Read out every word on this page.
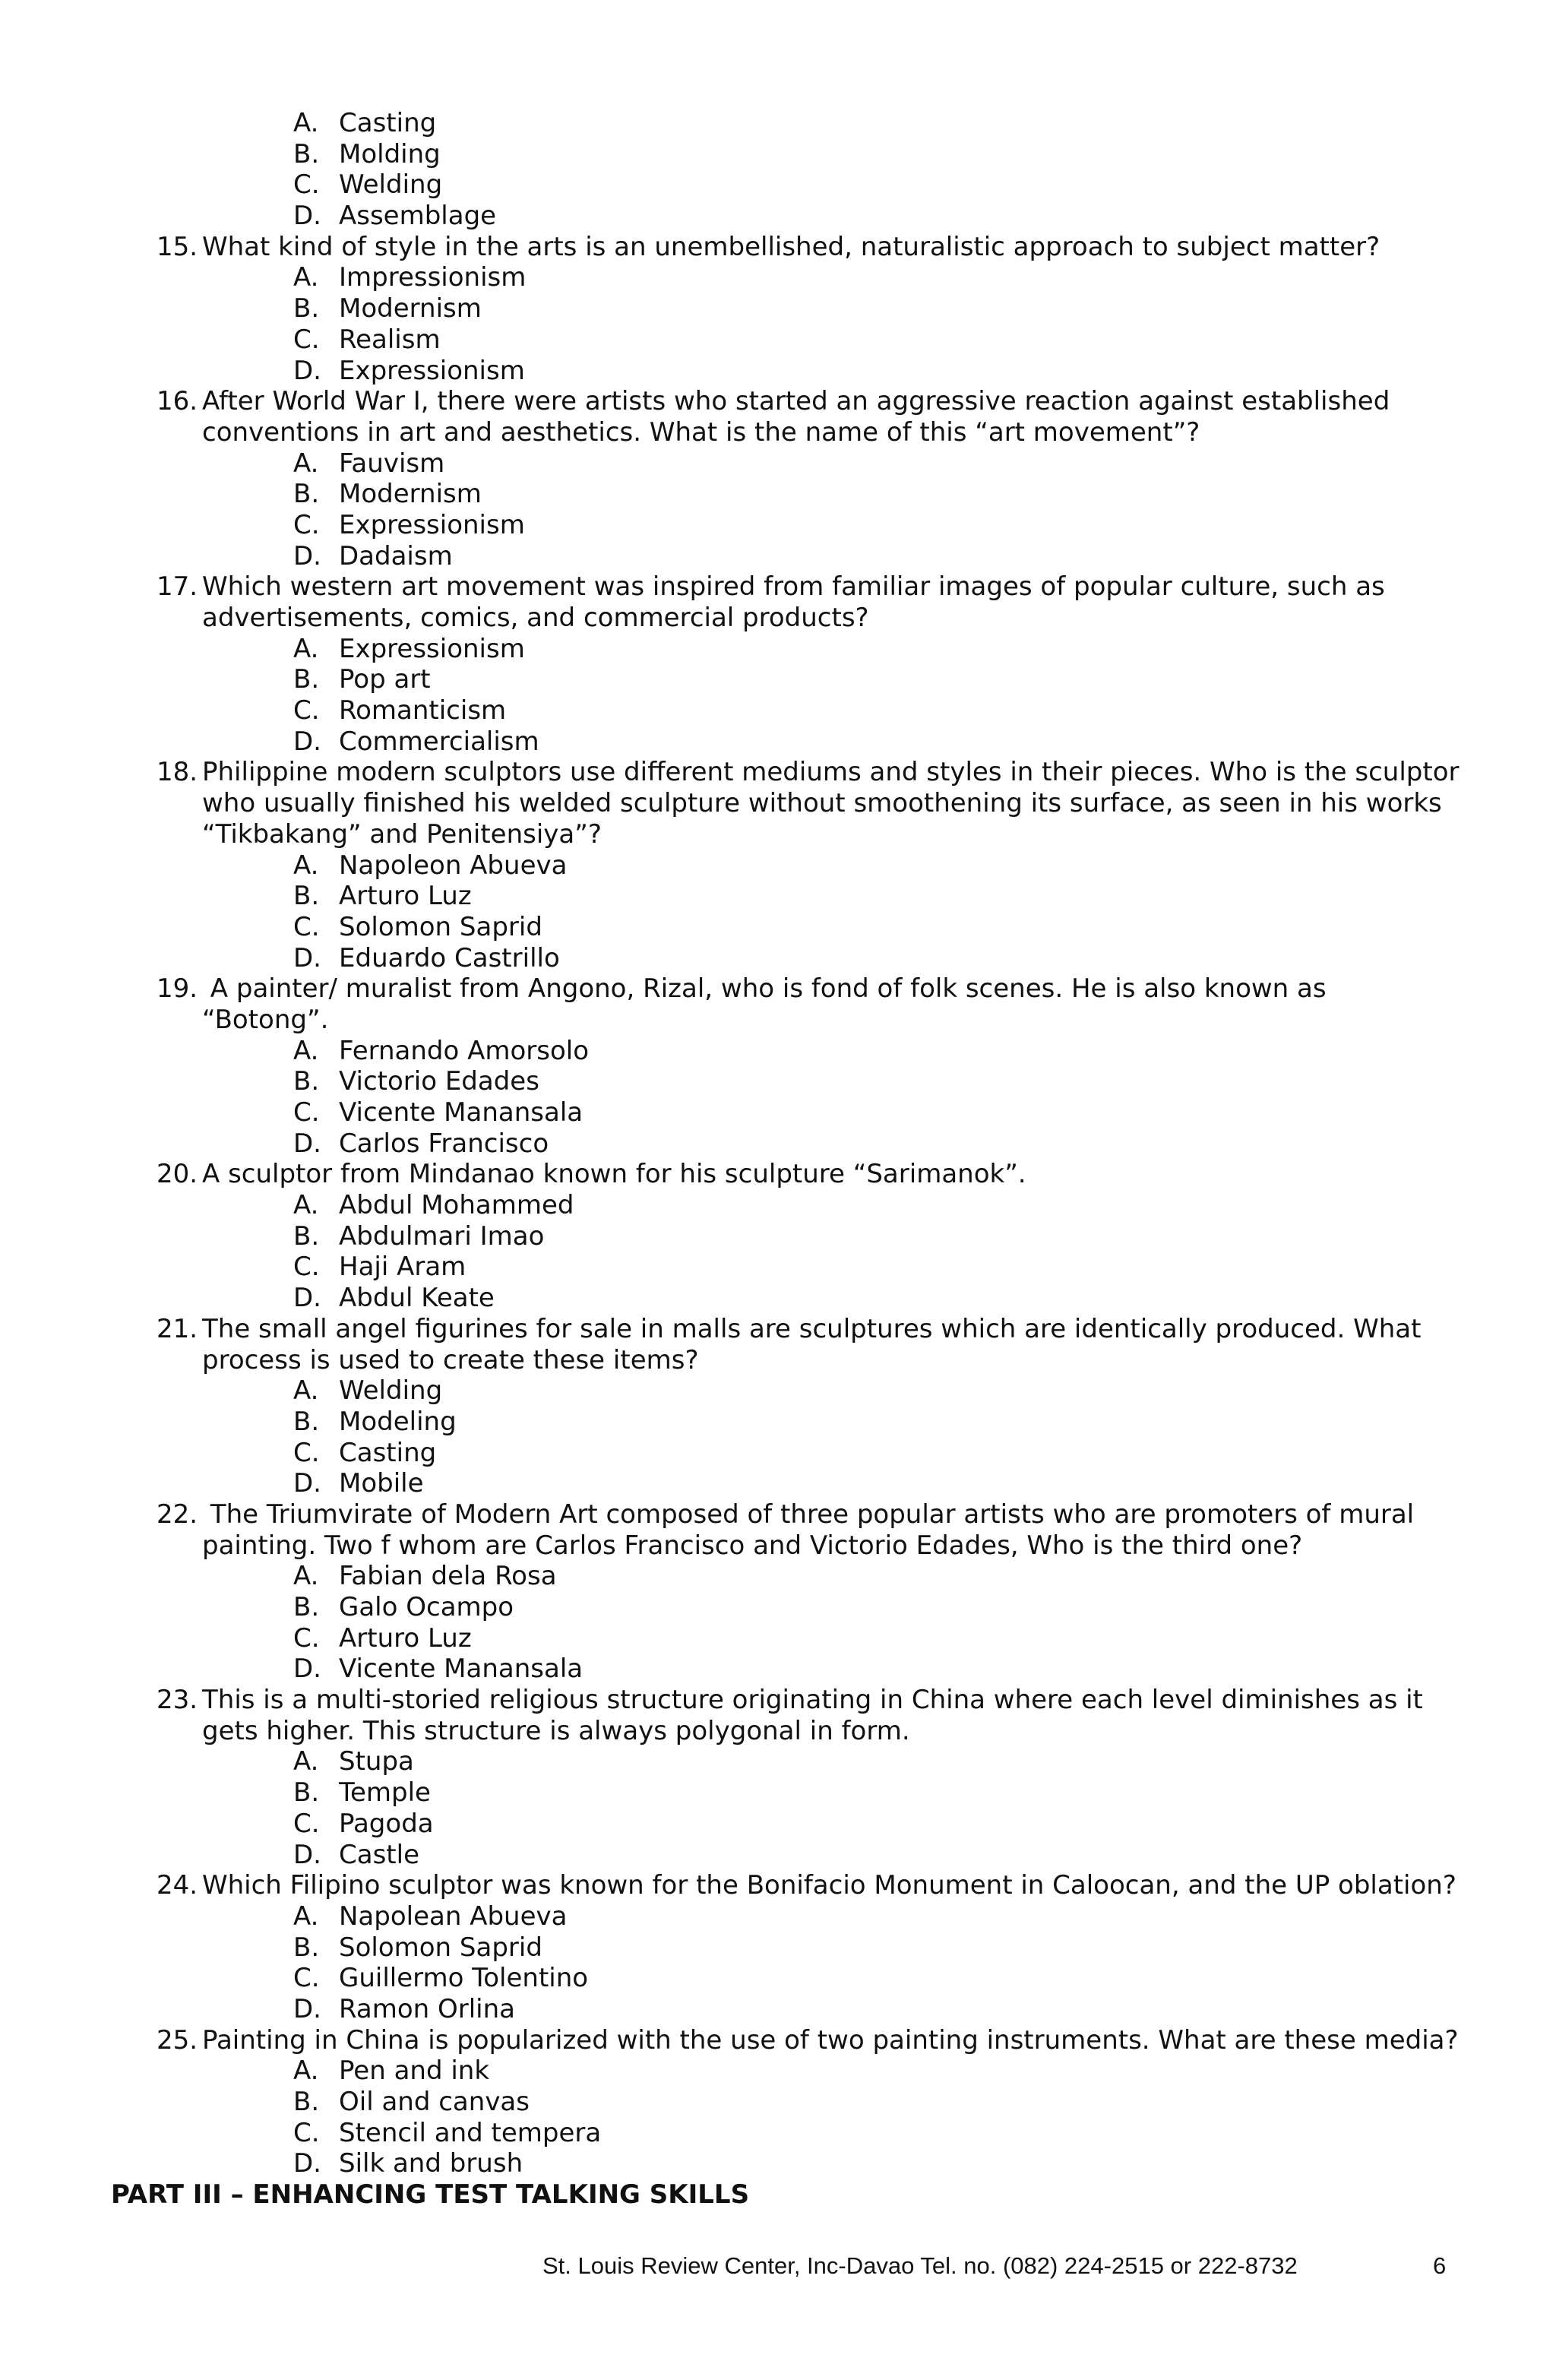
A. Casting
B. Molding
C. Welding
D. Assemblage
15. What kind of style in the arts is an unembellished, naturalistic approach to subject matter?
A. Impressionism
B. Modernism
C. Realism
D. Expressionism
16. After World War I, there were artists who started an aggressive reaction against established
conventions in art and aesthetics. What is the name of this “art movement”?
A. Fauvism
B. Modernism
C. Expressionism
D. Dadaism
17. Which western art movement was inspired from familiar images of popular culture, such as
advertisements, comics, and commercial products?
A. Expressionism
B. Pop art
C. Romanticism
D. Commercialism
18. Philippine modern sculptors use different mediums and styles in their pieces. Who is the sculptor
who usually finished his welded sculpture without smoothening its surface, as seen in his works
“Tikbakang” and Penitensiya”?
A. Napoleon Abueva
B. Arturo Luz
C. Solomon Saprid
D. Eduardo Castrillo
19. A painter/ muralist from Angono, Rizal, who is fond of folk scenes. He is also known as
“Botong”.
A. Fernando Amorsolo
B. Victorio Edades
C. Vicente Manansala
D. Carlos Francisco
20. A sculptor from Mindanao known for his sculpture “Sarimanok”.
A. Abdul Mohammed
B. Abdulmari Imao
C. Haji Aram
D. Abdul Keate
21. The small angel figurines for sale in malls are sculptures which are identically produced. What
process is used to create these items?
A. Welding
B. Modeling
C. Casting
D. Mobile
22. The Triumvirate of Modern Art composed of three popular artists who are promoters of mural
painting. Two f whom are Carlos Francisco and Victorio Edades, Who is the third one?
A. Fabian dela Rosa
B. Galo Ocampo
C. Arturo Luz
D. Vicente Manansala
23. This is a multi-storied religious structure originating in China where each level diminishes as it
gets higher. This structure is always polygonal in form.
A. Stupa
B. Temple
C. Pagoda
D. Castle
24. Which Filipino sculptor was known for the Bonifacio Monument in Caloocan, and the UP oblation?
A. Napolean Abueva
B. Solomon Saprid
C. Guillermo Tolentino
D. Ramon Orlina
25. Painting in China is popularized with the use of two painting instruments. What are these media?
A. Pen and ink
B. Oil and canvas
C. Stencil and tempera
D. Silk and brush
PART III – ENHANCING TEST TALKING SKILLS
St. Louis Review Center, Inc-Davao Tel. no. (082) 224-2515 or 222-8732	6
